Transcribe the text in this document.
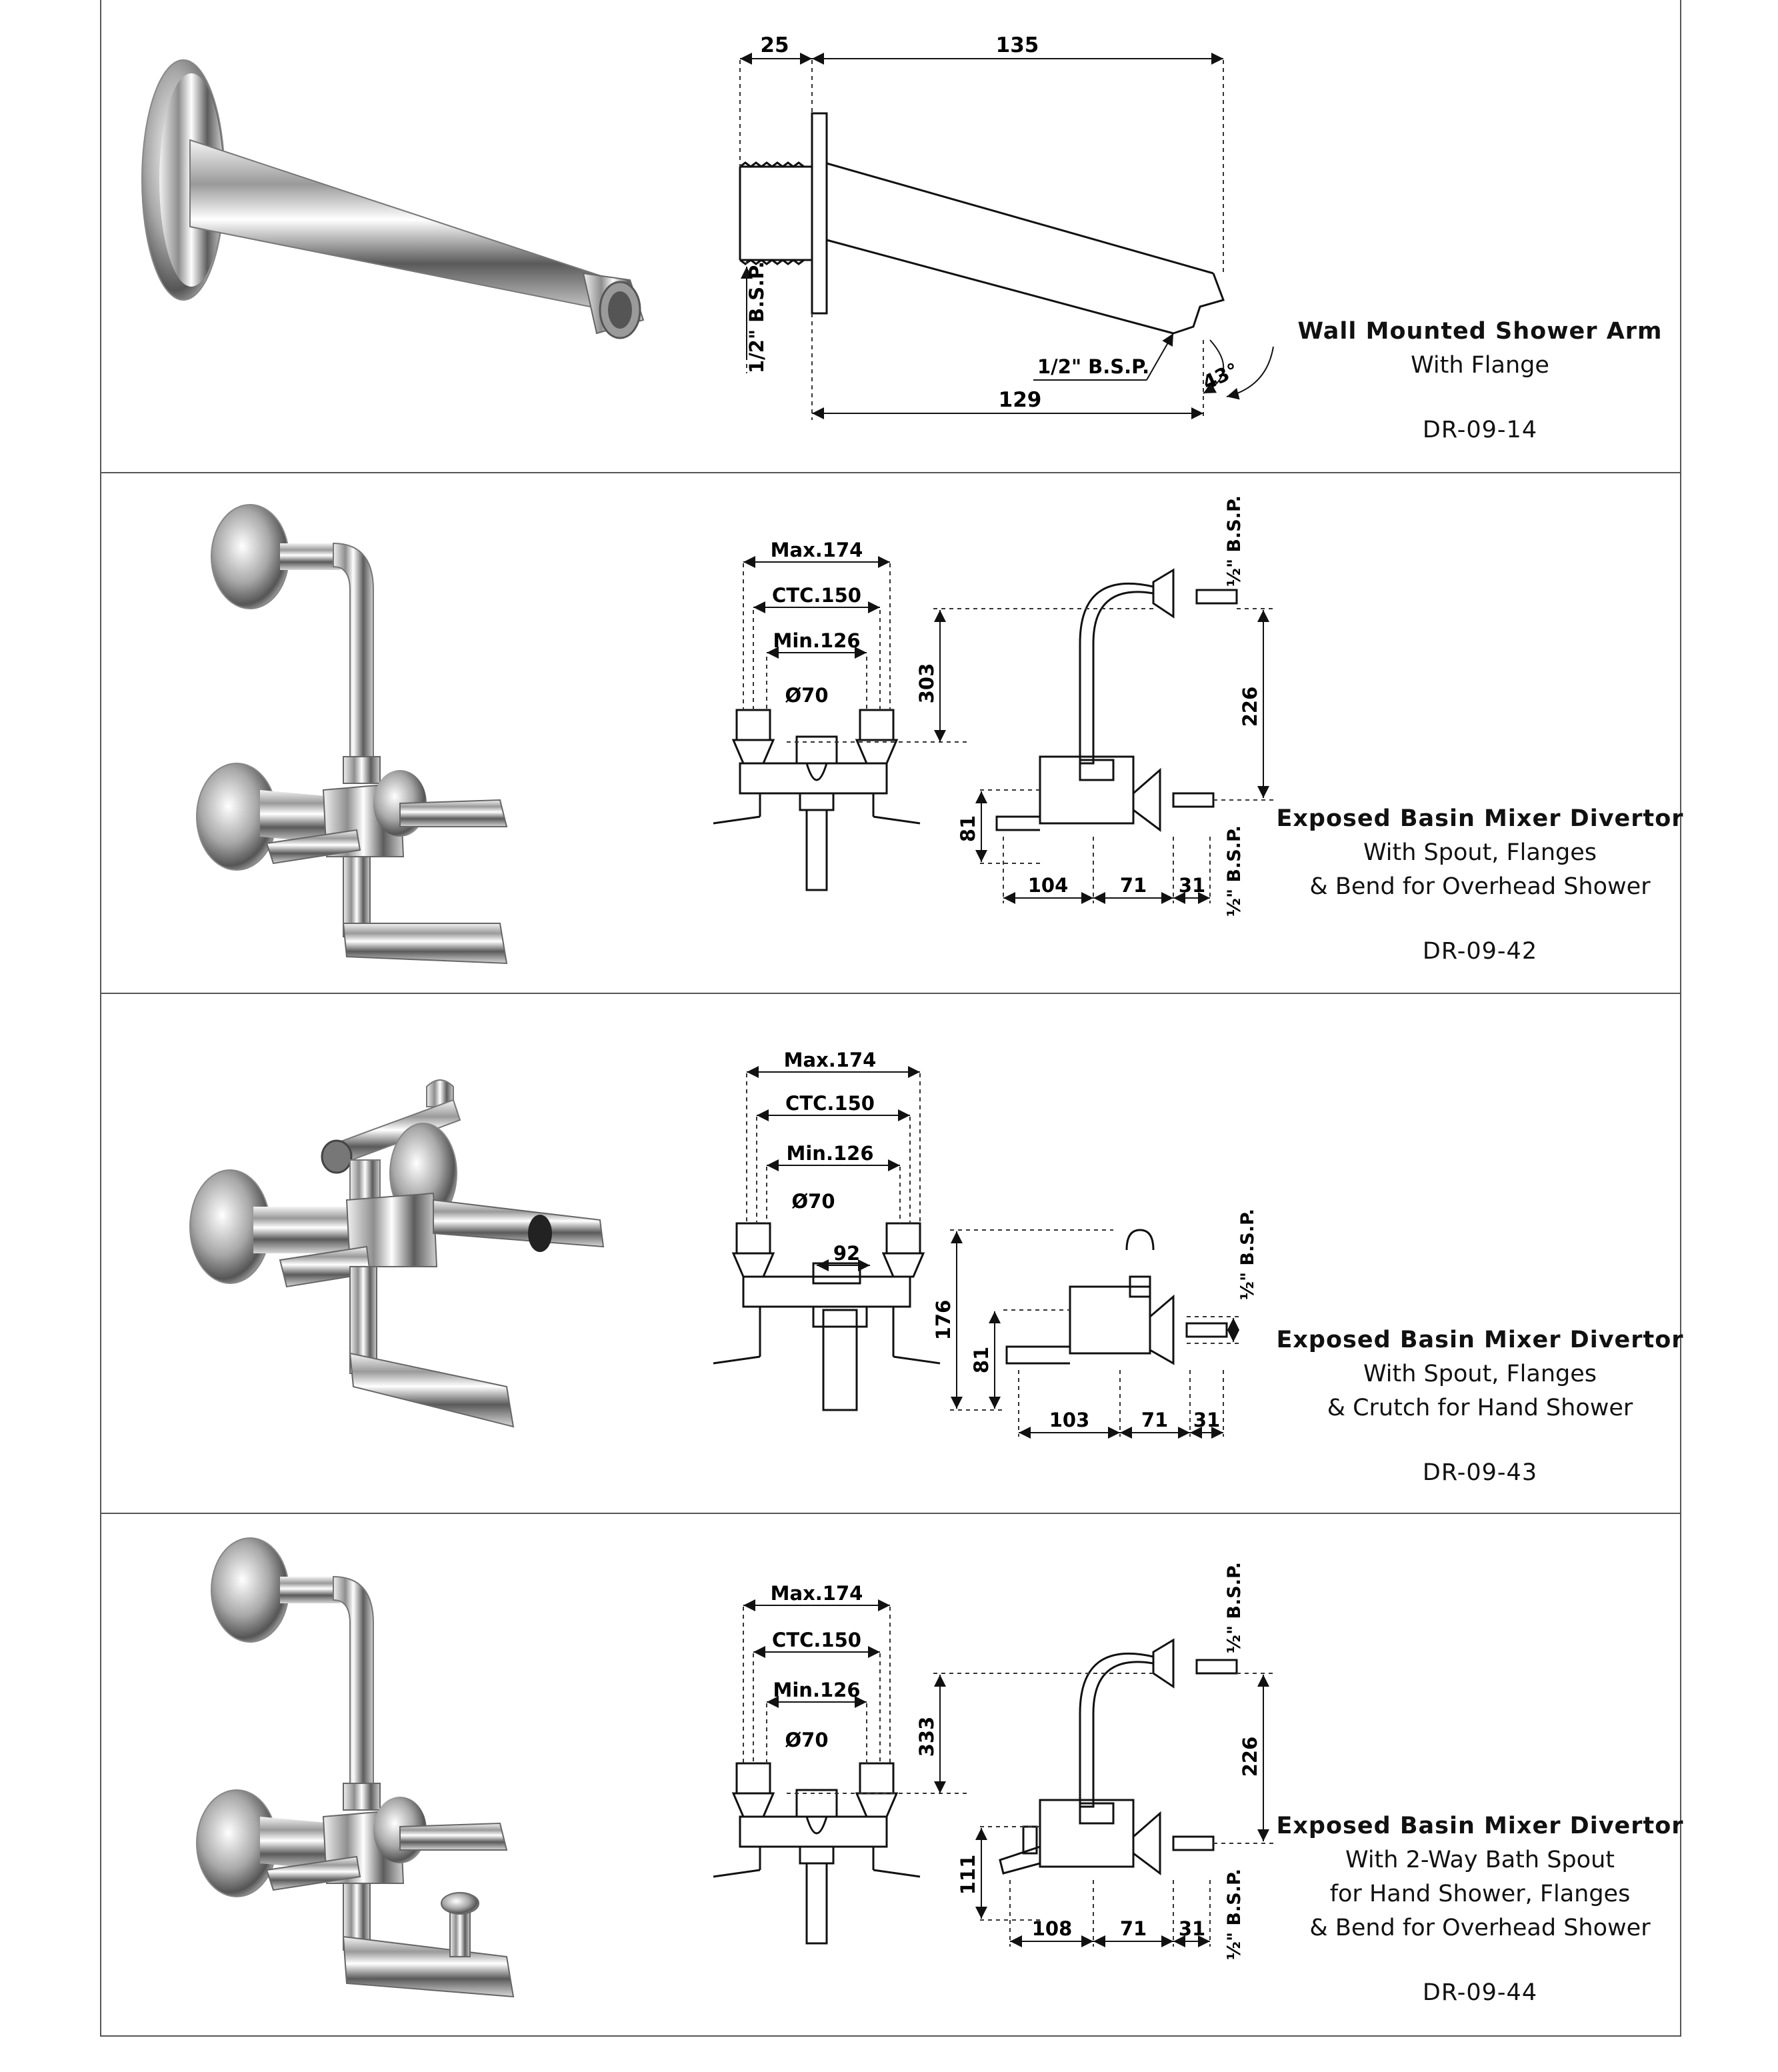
25	135
129
1/2" B.S.P.	1/2" B.S.P.	43°
Wall Mounted Shower Arm
With Flange
DR-09-14
Max.174
CTC.150
Min.126
Ø70	303
81
226
104	71 31
½" B.S.P.
½" B.S.P.
Exposed Basin Mixer Divertor
With Spout, Flanges
& Bend for Overhead Shower
DR-09-42
Max.174
CTC.150
Min.126
Ø70
92
176
81
103	71 31
½" B.S.P.
Exposed Basin Mixer Divertor
With Spout, Flanges
& Crutch for Hand Shower
DR-09-43
Max.174
CTC.150
Min.126
Ø70	333
111
226
108 71 31
½" B.S.P.
½" B.S.P.
Exposed Basin Mixer Divertor
With 2-Way Bath Spout
for Hand Shower, Flanges
& Bend for Overhead Shower
DR-09-44
